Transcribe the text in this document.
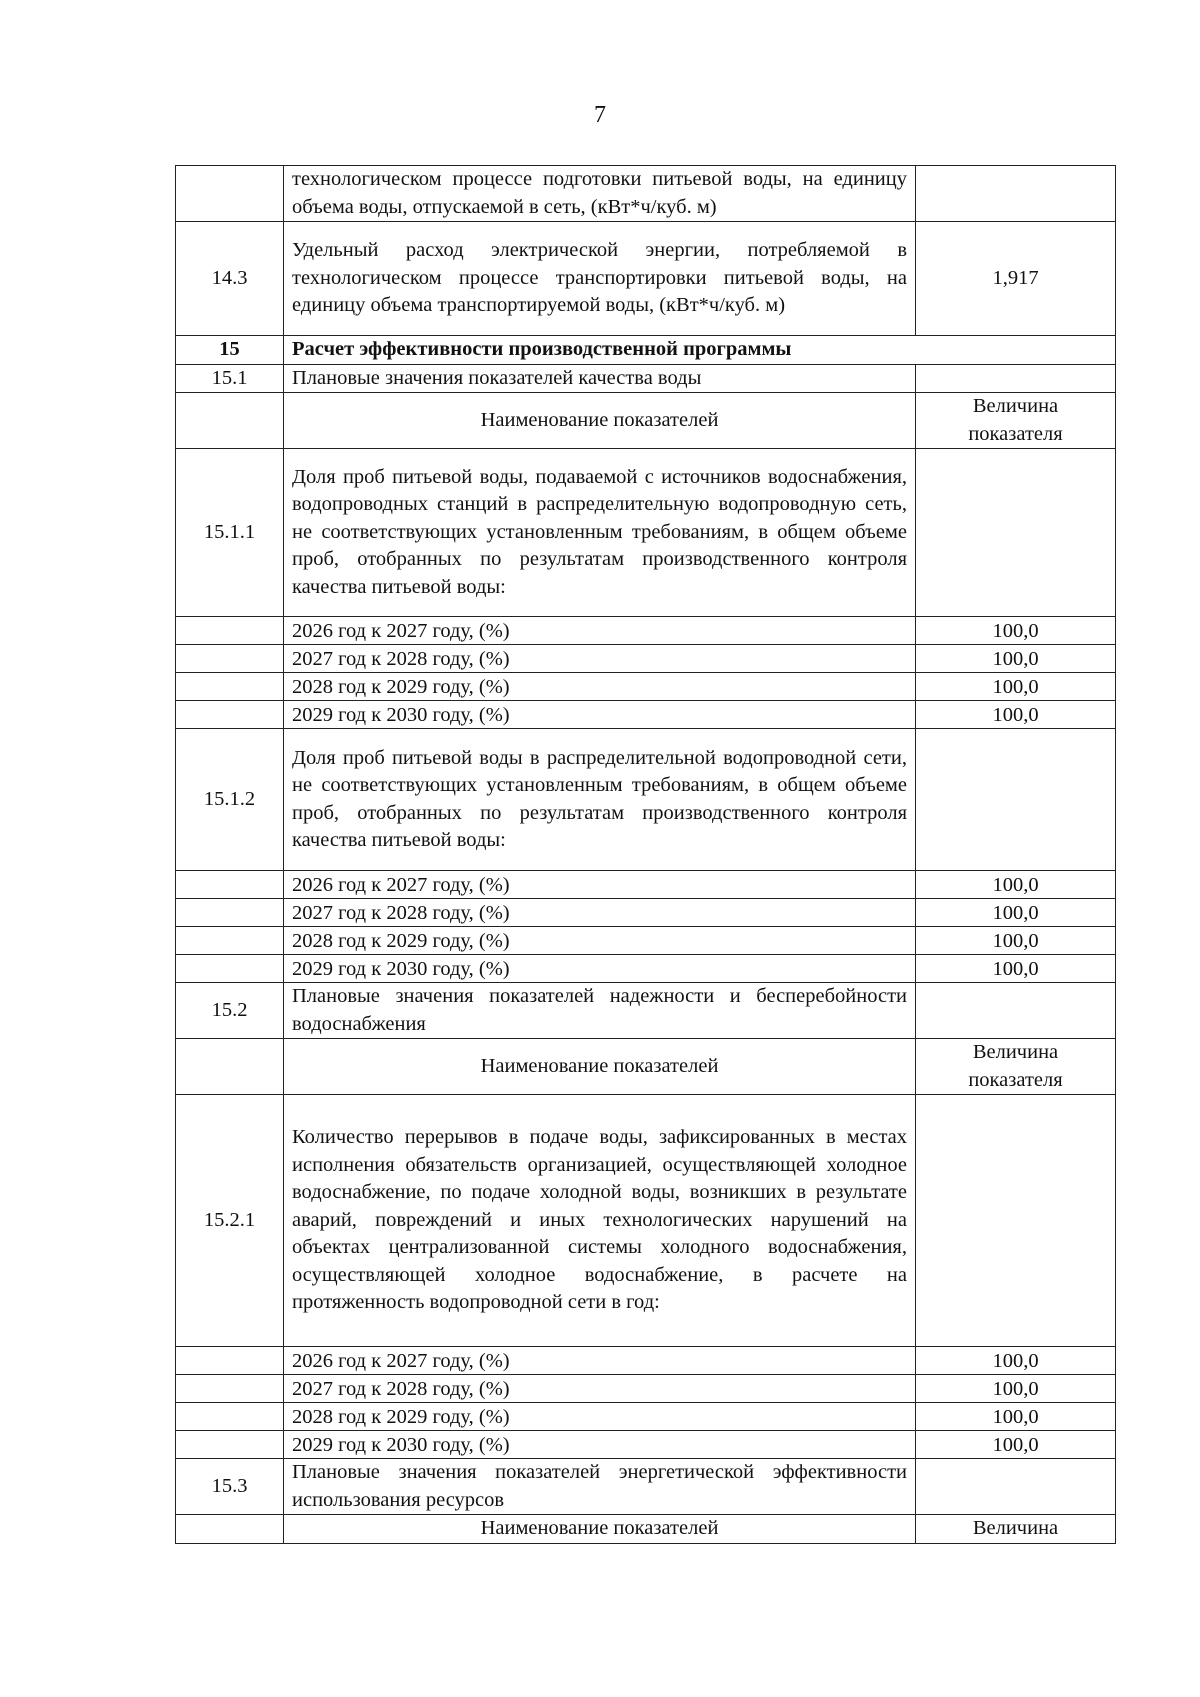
7
	технологическом процессе подготовки питьевой воды, на единицу объема воды, отпускаемой в сеть, (кВт*ч/куб. м)	
14.3	Удельный расход электрической энергии, потребляемой в технологическом процессе транспортировки питьевой воды, на единицу объема транспортируемой воды, (кВт*ч/куб. м)	1,917
15	Расчет эффективности производственной программы	
15.1	Плановые значения показателей качества воды	
	Наименование показателей	Величина показателя
15.1.1	Доля проб питьевой воды, подаваемой с источников водоснабжения, водопроводных станций в распределительную водопроводную сеть, не соответствующих установленным требованиям, в общем объеме проб, отобранных по результатам производственного контроля качества питьевой воды:	
	2026 год к 2027 году, (%)	100,0
	2027 год к 2028 году, (%)	100,0
	2028 год к 2029 году, (%)	100,0
	2029 год к 2030 году, (%)	100,0
15.1.2	Доля проб питьевой воды в распределительной водопроводной сети, не соответствующих установленным требованиям, в общем объеме проб, отобранных по результатам производственного контроля качества питьевой воды:	
	2026 год к 2027 году, (%)	100,0
	2027 год к 2028 году, (%)	100,0
	2028 год к 2029 году, (%)	100,0
	2029 год к 2030 году, (%)	100,0
15.2	Плановые значения показателей надежности и бесперебойности водоснабжения	
	Наименование показателей	Величина показателя
15.2.1	Количество перерывов в подаче воды, зафиксированных в местах исполнения обязательств организацией, осуществляющей холодное водоснабжение, по подаче холодной воды, возникших в результате аварий, повреждений и иных технологических нарушений на объектах централизованной системы холодного водоснабжения, осуществляющей холодное водоснабжение, в расчете на протяженность водопроводной сети в год:	
	2026 год к 2027 году, (%)	100,0
	2027 год к 2028 году, (%)	100,0
	2028 год к 2029 году, (%)	100,0
	2029 год к 2030 году, (%)	100,0
15.3	Плановые значения показателей энергетической эффективности использования ресурсов	
	Наименование показателей	Величина
